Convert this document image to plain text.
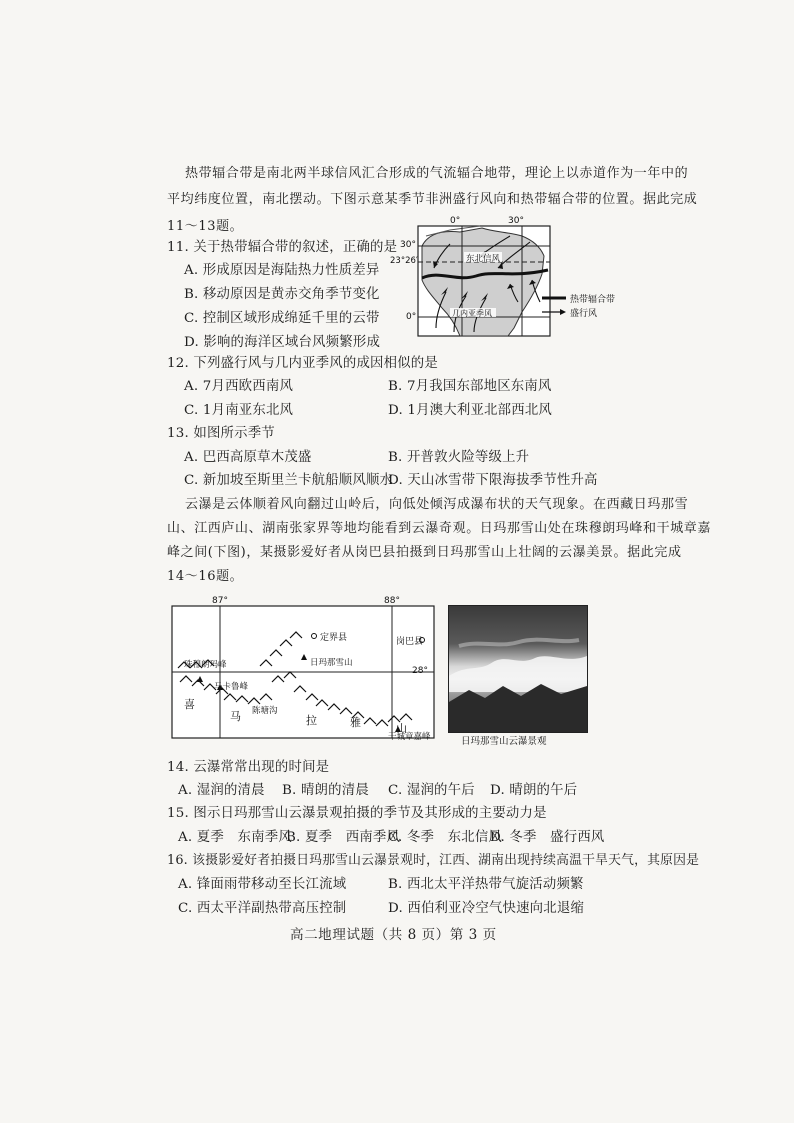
热带辐合带是南北两半球信风汇合形成的气流辐合地带，理论上以赤道作为一年中的
平均纬度位置，南北摆动。下图示意某季节非洲盛行风向和热带辐合带的位置。据此完成
11～13题。
11. 关于热带辐合带的叙述，正确的是
A. 形成原因是海陆热力性质差异
B. 移动原因是黄赤交角季节变化
C. 控制区域形成绵延千里的云带
D. 影响的海洋区域台风频繁形成
0°	30°
30°
23°26′
0°
东北信风
几内亚季风
热带辐合带
盛行风
12. 下列盛行风与几内亚季风的成因相似的是
A. 7月西欧西南风	B. 7月我国东部地区东南风
C. 1月南亚东北风	D. 1月澳大利亚北部西北风
13. 如图所示季节
A. 巴西高原草木茂盛	B. 开普敦火险等级上升
C. 新加坡至斯里兰卡航船顺风顺水
D. 天山冰雪带下限海拔季节性升高
云瀑是云体顺着风向翻过山岭后，向低处倾泻成瀑布状的天气现象。在西藏日玛那雪
山、江西庐山、湖南张家界等地均能看到云瀑奇观。日玛那雪山处在珠穆朗玛峰和干城章嘉
峰之间(下图)，某摄影爱好者从岗巴县拍摄到日玛那雪山上壮阔的云瀑美景。据此完成
14～16题。
87°	88°
28°
定界县	岗巴县
日玛那雪山
珠穆朗玛峰
马卡鲁峰
陈塘沟
干城章嘉峰
喜
马	拉	雅	山
日玛那雪山云瀑景观
14. 云瀑常常出现的时间是
A. 湿润的清晨 B. 晴朗的清晨 C. 湿润的午后 D. 晴朗的午后
15. 图示日玛那雪山云瀑景观拍摄的季节及其形成的主要动力是
A. 夏季　东南季风
B. 夏季　西南季风
C. 冬季　东北信风
D. 冬季　盛行西风
16. 该摄影爱好者拍摄日玛那雪山云瀑景观时，江西、湖南出现持续高温干旱天气，其原因是
A. 锋面雨带移动至长江流域	B. 西北太平洋热带气旋活动频繁
C. 西太平洋副热带高压控制	D. 西伯利亚冷空气快速向北退缩
高二地理试题（共 8 页）第 3 页
